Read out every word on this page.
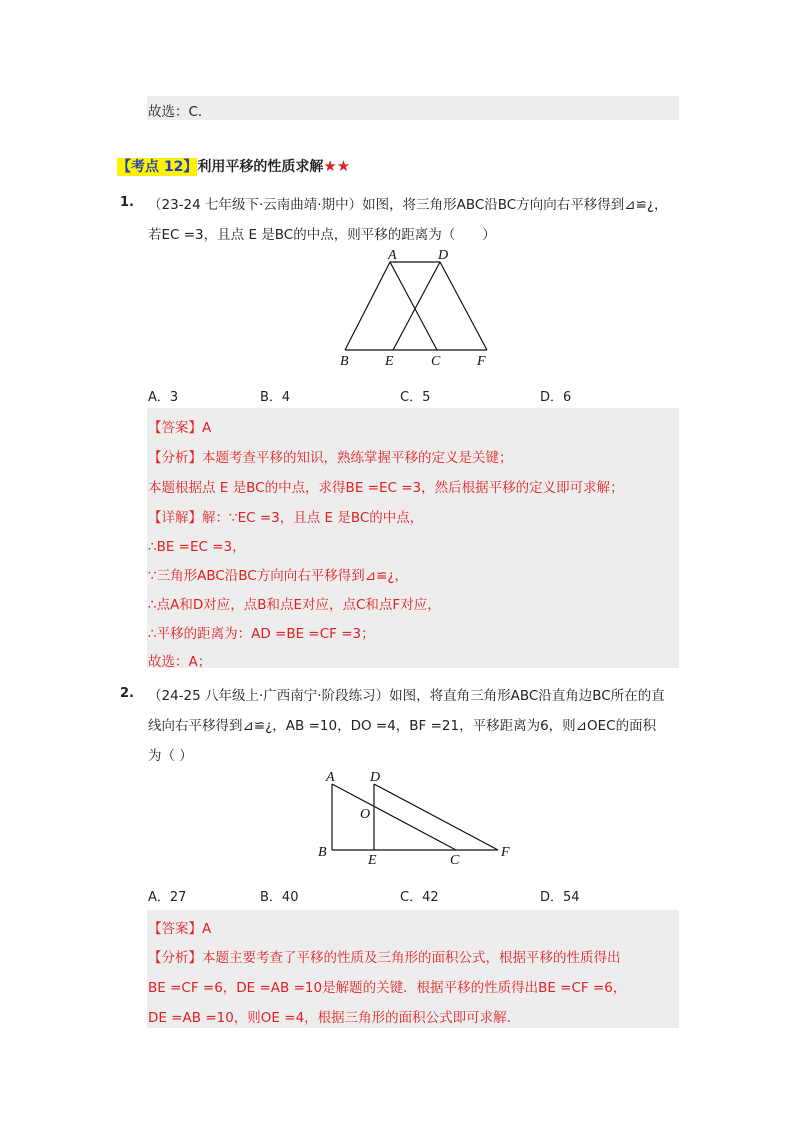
故选：C．
【考点 12】利用平移的性质求解★★
1. （23-24 七年级下·云南曲靖·期中）如图，将三角形ABC沿BC方向向右平移得到⊿≌¿，
若EC =3，且点 E 是BC的中点，则平移的距离为（　　）
A	D
B	E	C	F
A．3	B．4	C．5	D．6
【答案】A
【分析】本题考查平移的知识，熟练掌握平移的定义是关键；
本题根据点 E 是BC的中点，求得BE =EC =3，然后根据平移的定义即可求解；
【详解】解：∵EC =3，且点 E 是BC的中点，
∴BE =EC =3，
∵三角形ABC沿BC方向向右平移得到⊿≌¿，
∴点A和D对应，点B和点E对应，点C和点F对应，
∴平移的距离为：AD =BE =CF =3；
故选：A；
2. （24-25 八年级上·广西南宁·阶段练习）如图，将直角三角形ABC沿直角边BC所在的直
线向右平移得到⊿≌¿，AB =10，DO =4，BF =21，平移距离为6，则⊿OEC的面积
为（ ）
A	D
O
B
E	C
F
A．27	B．40	C．42	D．54
【答案】A
【分析】本题主要考查了平移的性质及三角形的面积公式，根据平移的性质得出
BE =CF =6，DE =AB =10是解题的关键．根据平移的性质得出BE =CF =6，
DE =AB =10，则OE =4，根据三角形的面积公式即可求解．
